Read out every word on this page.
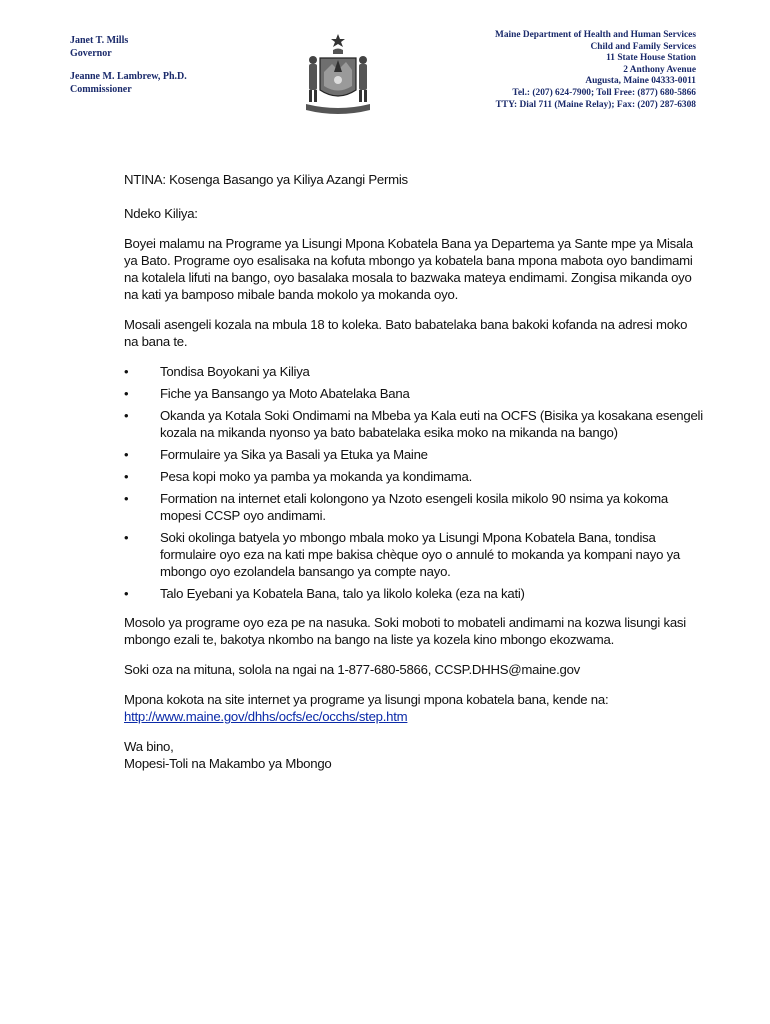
Janet T. Mills
Governor
Jeanne M. Lambrew, Ph.D.
Commissioner
Maine Department of Health and Human Services
Child and Family Services
11 State House Station
2 Anthony Avenue
Augusta, Maine 04333-0011
Tel.: (207) 624-7900; Toll Free: (877) 680-5866
TTY: Dial 711 (Maine Relay); Fax: (207) 287-6308

NTINA: Kosenga Basango ya Kiliya Azangi Permis

Ndeko Kiliya:

Boyei malamu na Programe ya Lisungi Mpona Kobatela Bana ya Departema ya Sante mpe ya Misala ya Bato. Programe oyo esalisaka na kofuta mbongo ya kobatela bana mpona mabota oyo bandimami na kotalela lifuti na bango, oyo basalaka mosala to bazwaka mateya endimami. Zongisa mikanda oyo na kati ya bamposo mibale banda mokolo ya mokanda oyo.

Mosali asengeli kozala na mbula 18 to koleka. Bato babatelaka bana bakoki kofanda na adresi moko na bana te.

• Tondisa Boyokani ya Kiliya
• Fiche ya Bansango ya Moto Abatelaka Bana
• Okanda ya Kotala Soki Ondimami na Mbeba ya Kala euti na OCFS (Bisika ya kosakana esengeli kozala na mikanda nyonso ya bato babatelaka esika moko na mikanda na bango)
• Formulaire ya Sika ya Basali ya Etuka ya Maine
• Pesa kopi moko ya pamba ya mokanda ya kondimama.
• Formation na internet etali kolongono ya Nzoto esengeli kosila mikolo 90 nsima ya kokoma mopesi CCSP oyo andimami.
• Soki okolinga batyela yo mbongo mbala moko ya Lisungi Mpona Kobatela Bana, tondisa formulaire oyo eza na kati mpe bakisa chèque oyo o annulé to mokanda ya kompani nayo ya mbongo oyo ezolandela bansango ya compte nayo.
• Talo Eyebani ya Kobatela Bana, talo ya likolo koleka (eza na kati)

Mosolo ya programe oyo eza pe na nasuka. Soki moboti to mobateli andimami na kozwa lisungi kasi mbongo ezali te, bakotya nkombo na bango na liste ya kozela kino mbongo ekozwama.

Soki oza na mituna, solola na ngai na 1-877-680-5866, CCSP.DHHS@maine.gov

Mpona kokota na site internet ya programe ya lisungi mpona kobatela bana, kende na:
http://www.maine.gov/dhhs/ocfs/ec/occhs/step.htm

Wa bino,
Mopesi-Toli na Makambo ya Mbongo
